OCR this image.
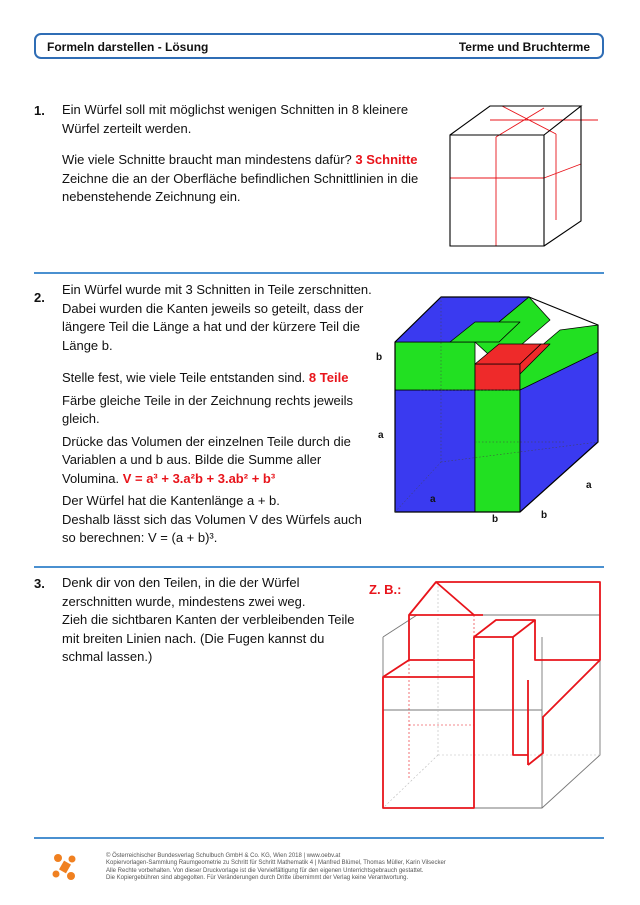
Formeln darstellen - Lösung	Terme und Bruchterme
1. Ein Würfel soll mit möglichst wenigen Schnitten in 8 kleinere

Würfel zerteilt werden.

Wie viele Schnitte braucht man mindestens dafür? 3 Schnitte

Zeichne die an der Oberfläche befindlichen Schnittlinien in die

nebenstehende Zeichnung ein.

2.

Ein Würfel wurde mit 3 Schnitten in Teile zerschnitten.

Dabei wurden die Kanten jeweils so geteilt, dass der

längere Teil die Länge a hat und der kürzere Teil die

Länge b.

Stelle fest, wie viele Teile entstanden sind. 8 Teile

Färbe gleiche Teile in der Zeichnung rechts jeweils

gleich.

Drücke das Volumen der einzelnen Teile durch die

Variablen a und b aus. Bilde die Summe aller

Volumina. V = a³ + 3.a²b + 3.ab² + b³

Der Würfel hat die Kantenlänge a + b.

Deshalb lässt sich das Volumen V des Würfels auch

so berechnen: V = (a + b)³.

b
a
a
b	b
a
3. Denk dir von den Teilen, in die der Würfel

zerschnitten wurde, mindestens zwei weg.

Zieh die sichtbaren Kanten der verbleibenden Teile

mit breiten Linien nach. (Die Fugen kannst du

schmal lassen.)

Z. B.:
© Österreichischer Bundesverlag Schulbuch GmbH & Co. KG, Wien 2018 | www.oebv.at
Kopiervorlagen-Sammlung Raumgeometrie zu Schritt für Schritt Mathematik 4 | Manfred Blümel, Thomas Müller, Karin Vilsecker
Alle Rechte vorbehalten. Von dieser Druckvorlage ist die Vervielfältigung für den eigenen Unterrichtsgebrauch gestattet.
Die Kopiergebühren sind abgegolten. Für Veränderungen durch Dritte übernimmt der Verlag keine Verantwortung.
